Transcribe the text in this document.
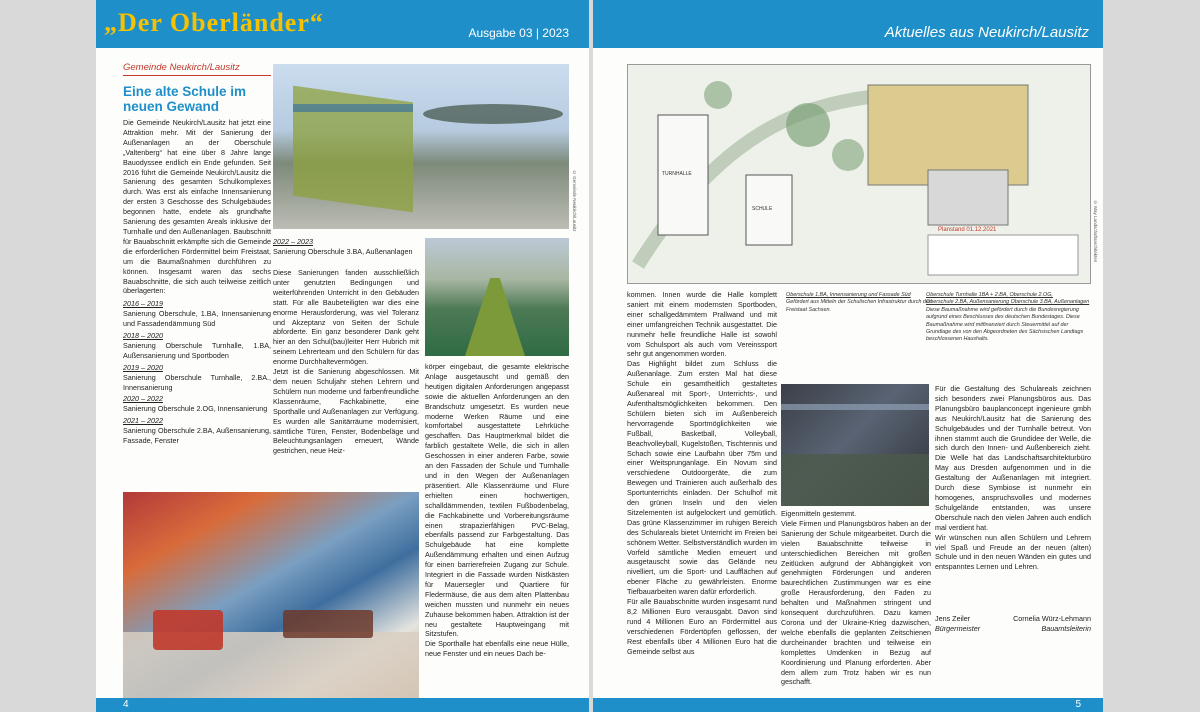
„Der Oberländer“	Ausgabe 03 | 2023
Gemeinde Neukirch/Lausitz
Eine alte Schule im neuen Gewand

Die Gemeinde Neukirch/Lausitz hat jetzt eine Attraktion mehr. Mit der Sanierung der Außenanlagen an der Oberschule „Valtenberg“ hat eine über 8 Jahre lange Bauodyssee endlich ein Ende gefunden. Seit 2016 führt die Gemeinde Neukirch/Lausitz die Sanierung des gesamten Schulkomplexes durch. Was erst als einfache Innensanierung der ersten 3 Geschosse des Schulgebäudes begonnen hatte, endete als grundhafte Sanierung des gesamten Areals inklusive der Turnhalle und den Außenanlagen. Baubschnitt für Bauabschnitt erkämpfte sich die Gemeinde die erforderlichen Fördermittel beim Freistaat, um die Baumaßnahmen durchführen zu können. Insgesamt waren das sechs Bauabschnitte, die sich auch teilweise zeitlich überlagerten:

2016 – 2019

Sanierung Oberschule, 1.BA, Innensanierung und Fassadendämmung Süd

2018 – 2020

Sanierung Oberschule Turnhalle, 1.BA, Außensanierung und Sportboden

2019 – 2020

Sanierung Oberschule Turnhalle, 2.BA., Innensanierung

2020 – 2022

Sanierung Oberschule 2.OG, Innensanierung

2021 – 2022

Sanierung Oberschule 2.BA, Außensanierung, Fassade, Fenster

© Gemeinde Neukirch/Lausitz

2022 – 2023

Sanierung Oberschule 3.BA, Außenanlagen

Diese Sanierungen fanden ausschließlich unter genutzten Bedingungen und weiterführenden Unterricht in den Gebäuden statt. Für alle Baubeteiligten war dies eine enorme Herausforderung, was viel Toleranz und Akzeptanz von Seiten der Schule abforderte. Ein ganz besonderer Dank geht hier an den Schul(bau)leiter Herr Hubrich mit seinem Lehrerteam und den Schülern für das enorme Durchhaltevermögen.
Jetzt ist die Sanierung abgeschlossen. Mit dem neuen Schuljahr stehen Lehrern und Schülern nun moderne und farbenfreundliche Klassenräume, Fachkabinette, eine Sporthalle und Außenanlagen zur Verfügung. Es wurden alle Sanitärräume modernisiert, sämtliche Türen, Fenster, Bodenbeläge und Beleuchtungsanlagen erneuert, Wände gestrichen, neue Heiz-

körper eingebaut, die gesamte elektrische Anlage ausgetauscht und gemäß den heutigen digitalen Anforderungen angepasst sowie die aktuellen Anforderungen an den Brandschutz umgesetzt. Es wurden neue moderne Werken Räume und eine komfortabel ausgestattete Lehrküche geschaffen. Das Hauptmerkmal bildet die farblich gestaltete Welle, die sich in allen Geschossen in einer anderen Farbe, sowie an den Fassaden der Schule und Turnhalle und in den Wegen der Außenanlagen präsentiert. Alle Klassenräume und Flure erhielten einen hochwertigen, schalldämmenden, textilen Fußbodenbelag, die Fachkabinette und Vorbereitungsräume einen strapazierfähigen PVC-Belag, ebenfalls passend zur Farbgestaltung. Das Schulgebäude hat eine komplette Außendämmung erhalten und einen Aufzug für einen barrierefreien Zugang zur Schule. Integriert in die Fassade wurden Nistkästen für Mauersegler und Quartiere für Fledermäuse, die aus dem alten Plattenbau weichen mussten und nunmehr ein neues Zuhause bekommen haben. Attraktion ist der neu gestaltete Hauptweingang mit Sitzstufen.
Die Sporthalle hat ebenfalls eine neue Hülle, neue Fenster und ein neues Dach be-

4
Aktuelles aus Neukirch/Lausitz
TURNHALLE
SCHULE
Planstand 01.12.2021	© May Landschaftsarchitekten

Oberschule 1.BA, Innensanierung und Fassade Süd

Gefördert aus Mitteln der Schulischen Infrastruktur durch den Freistaat Sachsen.

Oberschule Turnhalle 1BA + 2.BA, Oberschule 2.OG,

Oberschule 2.BA, Außensanierung Oberschule 3.BA, Außenanlagen

Diese Baumaßnahme wird gefördert durch die Bundesregierung aufgrund eines Beschlusses des deutschen Bundestages. Diese Baumaßnahme wird mitfinanziert durch Steuermittel auf der Grundlage des von den Abgeordneten des Sächsischen Landtags beschlossenen Haushalts.

kommen. Innen wurde die Halle komplett saniert mit einem modernsten Sportboden, einer schallgedämmtem Prallwand und mit einer umfangreichen Technik ausgestattet. Die nunmehr helle freundliche Halle ist sowohl vom Schulsport als auch vom Vereinssport sehr gut angenommen worden.
Das Highlight bildet zum Schluss die Außenanlage. Zum ersten Mal hat diese Schule ein gesamtheitlich gestaltetes Außenareal mit Sport-, Unterrichts-, und Aufenthaltsmöglichkeiten bekommen. Den Schülern bieten sich im Außenbereich hervorragende Sportmöglichkeiten wie Fußball, Basketball, Volleyball, Beachvolleyball, Kugelstoßen, Tischtennis und Schach sowie eine Laufbahn über 75m und einer Weitsprunganlage. Ein Novum sind verschiedene Outdoorgeräte, die zum Bewegen und Trainieren auch außerhalb des Sportunterrichts einladen. Der Schulhof mit den grünen Inseln und den vielen Sitzelementen ist aufgelockert und gemütlich. Das grüne Klassenzimmer im ruhigen Bereich des Schulareals bietet Unterricht im Freien bei schönem Wetter. Selbstverständlich wurden im Vorfeld sämtliche Medien erneuert und ausgetauscht sowie das Gelände neu nivelliert, um die Sport- und Laufflächen auf ebener Fläche zu gewährleisten. Enorme Tiefbauarbeiten waren dafür erforderlich.
Für alle Bauabschnitte wurden insgesamt rund 8,2 Millionen Euro verausgabt. Davon sind rund 4 Millionen Euro an Fördermittel aus verschiedenen Fördertöpfen geflossen, der Rest ebenfalls über 4 Millionen Euro hat die Gemeinde selbst aus

Eigenmitteln gestemmt.
Viele Firmen und Planungsbüros haben an der Sanierung der Schule mitgearbeitet. Durch die vielen Bauabschnitte teilweise in unterschiedlichen Bereichen mit großen Zeitlücken aufgrund der Abhängigkeit von genehmigten Förderungen und anderen baurechtlichen Zustimmungen war es eine große Herausforderung, den Faden zu behalten und Maßnahmen stringent und konsequent durchzuführen. Dazu kamen Corona und der Ukraine-Krieg dazwischen, welche ebenfalls die geplanten Zeitschienen durcheinander brachten und teilweise ein komplettes Umdenken in Bezug auf Koordinierung und Planung erforderten. Aber dem allem zum Trotz haben wir es nun geschafft.

Für die Gestaltung des Schulareals zeichnen sich besonders zwei Planungsbüros aus. Das Planungsbüro bauplanconcept ingenieure gmbh aus Neukirch/Lausitz hat die Sanierung des Schulgebäudes und der Turnhalle betreut. Von ihnen stammt auch die Grundidee der Welle, die sich durch den Innen- und Außenbereich zieht. Die Welle hat das Landschaftsarchitekturbüro May aus Dresden aufgenommen und in die Gestaltung der Außenanlagen mit integriert. Durch diese Symbiose ist nunmehr ein homogenes, anspruchsvolles und modernes Schulgelände entstanden, was unsere Oberschule nach den vielen Jahren auch endlich mal verdient hat.
Wir wünschen nun allen Schülern und Lehrern viel Spaß und Freude an der neuen (alten) Schule und in den neuen Wänden ein gutes und entspanntes Lernen und Lehren.

Jens Zeiler

Bürgermeister

Cornelia Würz-Lehmann

Bauamtsleiterin

5
